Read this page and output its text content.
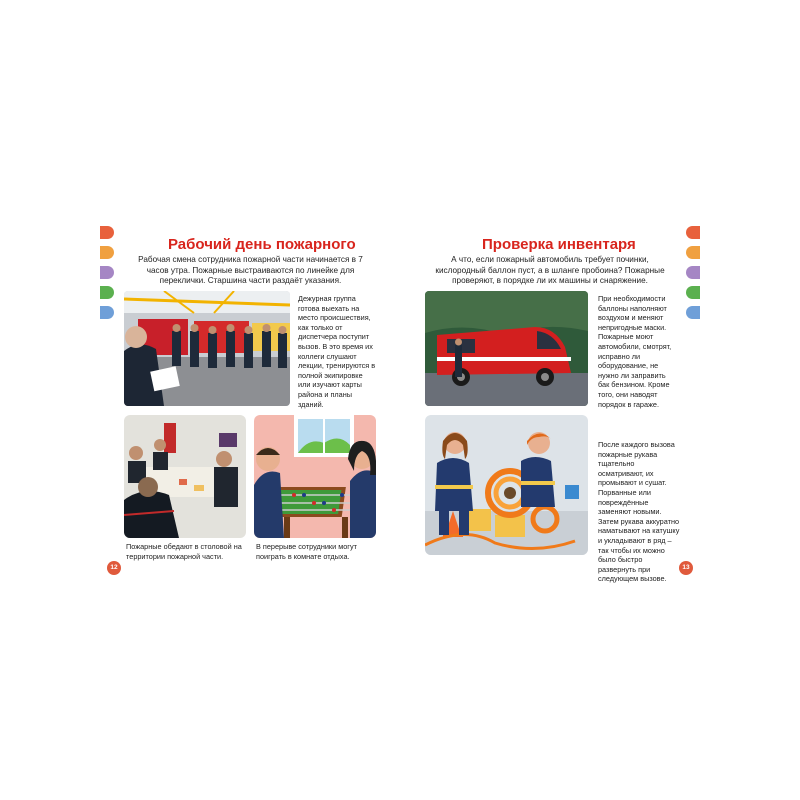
Рабочий день пожарного
Рабочая смена сотрудника пожарной части начинается в 7 часов утра. Пожарные выстраиваются по линейке для переклички. Старшина части раздаёт указания.
Дежурная группа готова выехать на место происшествия, как только от диспетчера поступит вызов. В это время их коллеги слушают лекции, тренируются в полной экипировке или изучают карты района и планы зданий.
Пожарные обедают в столовой на территории пожарной части.
В перерыве сотрудники могут поиграть в комнате отдыха.
12
Проверка инвентаря
А что, если пожарный автомобиль требует починки, кислородный баллон пуст, а в шланге пробоина? Пожарные проверяют, в порядке ли их машины и снаряжение.
При необходимости баллоны наполняют воздухом и меняют непригодные маски. Пожарные моют автомобили, смотрят, исправно ли оборудование, не нужно ли заправить бак бензином. Кроме того, они наводят порядок в гараже.
После каждого вызова пожарные рукава тщательно осматривают, их промывают и сушат. Порванные или повреждённые заменяют новыми. Затем рукава аккуратно наматывают на катушку и укладывают в ряд – так чтобы их можно было быстро развернуть при следующем вызове.
13
